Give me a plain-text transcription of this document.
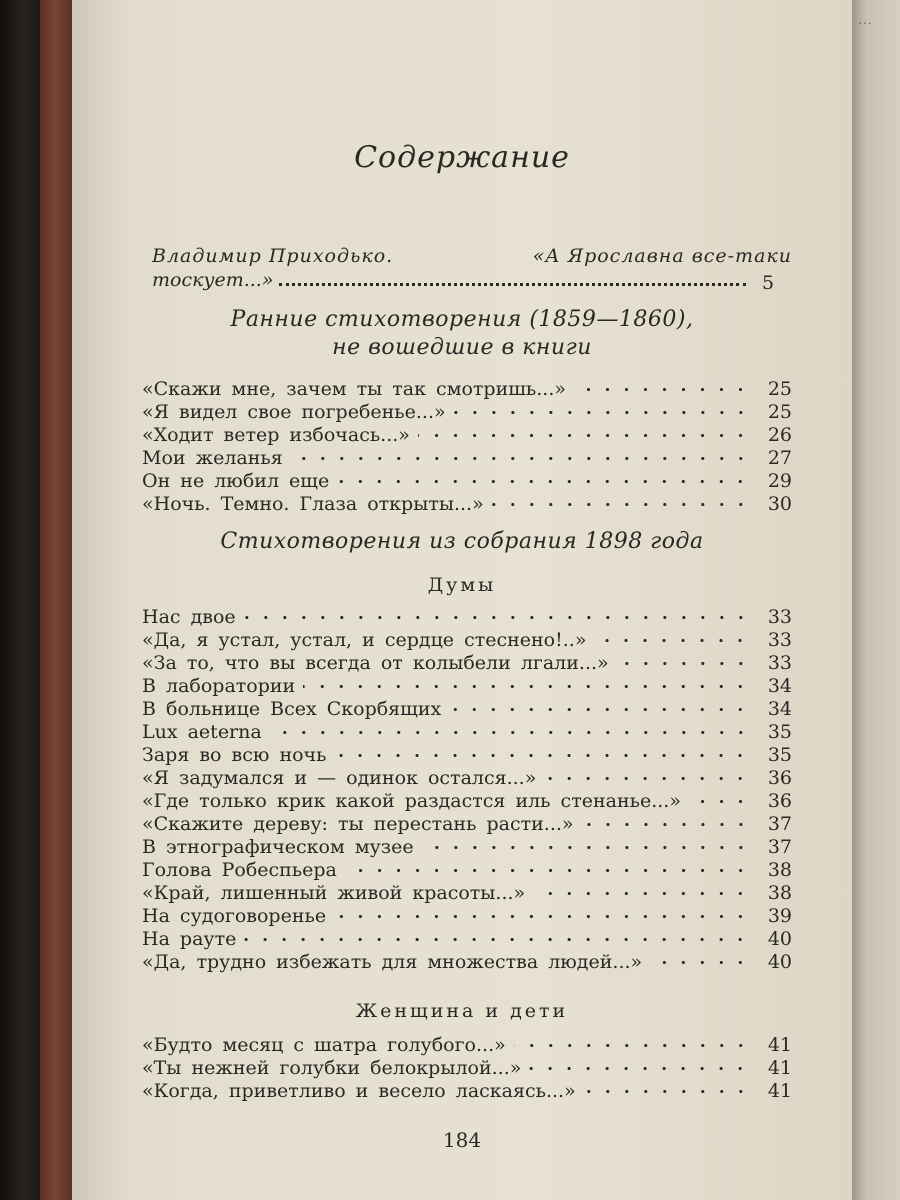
Содержание
Владимир Приходько.	«А Ярославна все-таки
тоскует...»	5
Ранние стихотворения (1859—1860),
не вошедшие в книги
«Скажи мне, зачем ты так смотришь...»	25
«Я видел свое погребенье...»	25
«Ходит ветер избочась...»	26
Мои желанья	27
Он не любил еще	29
«Ночь. Темно. Глаза открыты...»	30
Стихотворения из собрания 1898 года
Думы
Нас двое	33
«Да, я устал, устал, и сердце стеснено!..»	33
«За то, что вы всегда от колыбели лгали...»	33
В лаборатории	34
В больнице Всех Скорбящих	34
Lux aeterna	35
Заря во всю ночь	35
«Я задумался и — одинок остался...»	36
«Где только крик какой раздастся иль стенанье...»	36
«Скажите дереву: ты перестань расти...»	37
В этнографическом музее	37
Голова Робеспьера	38
«Край, лишенный живой красоты...»	38
На судоговоренье	39
На рауте	40
«Да, трудно избежать для множества людей...»	40
Женщина и дети
«Будто месяц с шатра голубого...»	41
«Ты нежней голубки белокрылой...»	41
«Когда, приветливо и весело ласкаясь...»	41
184
…
